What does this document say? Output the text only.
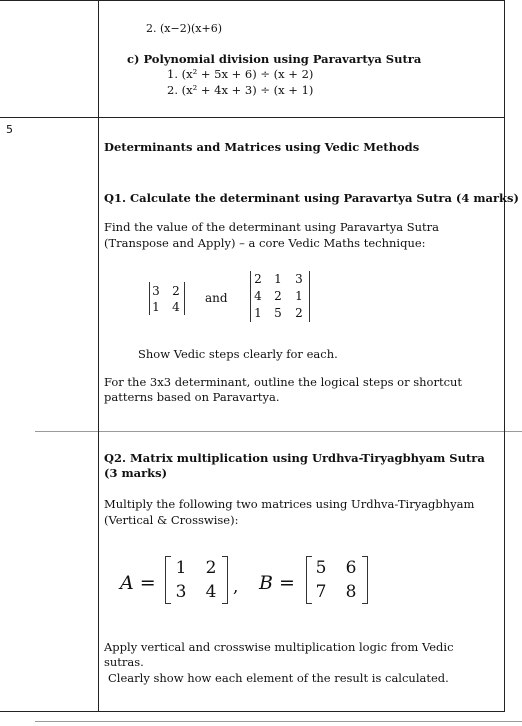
2. (x−2)(x+6)
c) Polynomial division using Paravartya Sutra
1. (x² + 5x + 6) ÷ (x + 2)
2. (x² + 4x + 3) ÷ (x + 1)
5
Determinants and Matrices using Vedic Methods
Q1. Calculate the determinant using Paravartya Sutra (4 marks)
Find the value of the determinant using Paravartya Sutra (Transpose and Apply) – a core Vedic Maths technique:
3 2
1 4
and
2 1 3
4 2 1
1 5 2
Show Vedic steps clearly for each.
For the 3x3 determinant, outline the logical steps or shortcut patterns based on Paravartya.
Q2. Matrix multiplication using Urdhva-Tiryagbhyam Sutra (3 marks)
Multiply the following two matrices using Urdhva-Tiryagbhyam (Vertical & Crosswise):
A =
1 2
3 4 , B =
5 6
7 8
Apply vertical and crosswise multiplication logic from Vedic sutras.
Clearly show how each element of the result is calculated.
